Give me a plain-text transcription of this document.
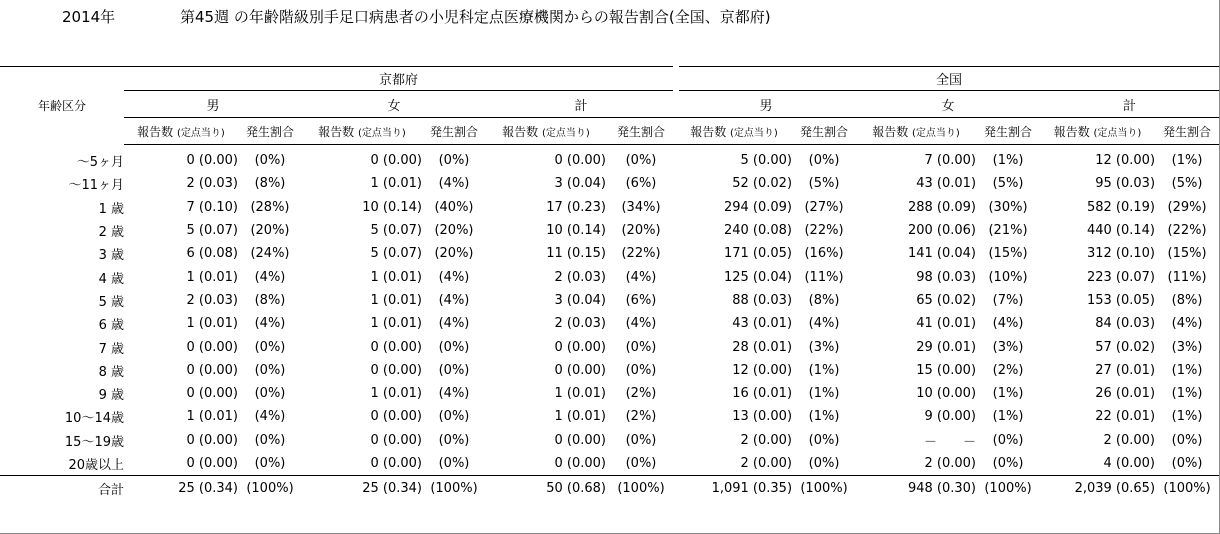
2014年	第45週 の年齢階級別手足口病患者の小児科定点医療機関からの報告割合(全国、京都府)
年齢区分	京都府						全国					
	男		女		計		男		女		計	
	報告数 (定点当り)	発生割合	報告数 (定点当り)	発生割合	報告数 (定点当り)	発生割合	報告数 (定点当り)	発生割合	報告数 (定点当り)	発生割合	報告数 (定点当り)	発生割合
～5ヶ月	0 (0.00)	(0%)	0 (0.00)	(0%)	0 (0.00)	(0%)	5 (0.00)	(0%)	7 (0.00)	(1%)	12 (0.00)	(1%)
～11ヶ月	2 (0.03)	(8%)	1 (0.01)	(4%)	3 (0.04)	(6%)	52 (0.02)	(5%)	43 (0.01)	(5%)	95 (0.03)	(5%)
1 歳	7 (0.10)	(28%)	10 (0.14)	(40%)	17 (0.23)	(34%)	294 (0.09)	(27%)	288 (0.09)	(30%)	582 (0.19)	(29%)
2 歳	5 (0.07)	(20%)	5 (0.07)	(20%)	10 (0.14)	(20%)	240 (0.08)	(22%)	200 (0.06)	(21%)	440 (0.14)	(22%)
3 歳	6 (0.08)	(24%)	5 (0.07)	(20%)	11 (0.15)	(22%)	171 (0.05)	(16%)	141 (0.04)	(15%)	312 (0.10)	(15%)
4 歳	1 (0.01)	(4%)	1 (0.01)	(4%)	2 (0.03)	(4%)	125 (0.04)	(11%)	98 (0.03)	(10%)	223 (0.07)	(11%)
5 歳	2 (0.03)	(8%)	1 (0.01)	(4%)	3 (0.04)	(6%)	88 (0.03)	(8%)	65 (0.02)	(7%)	153 (0.05)	(8%)
6 歳	1 (0.01)	(4%)	1 (0.01)	(4%)	2 (0.03)	(4%)	43 (0.01)	(4%)	41 (0.01)	(4%)	84 (0.03)	(4%)
7 歳	0 (0.00)	(0%)	0 (0.00)	(0%)	0 (0.00)	(0%)	28 (0.01)	(3%)	29 (0.01)	(3%)	57 (0.02)	(3%)
8 歳	0 (0.00)	(0%)	0 (0.00)	(0%)	0 (0.00)	(0%)	12 (0.00)	(1%)	15 (0.00)	(2%)	27 (0.01)	(1%)
9 歳	0 (0.00)	(0%)	1 (0.01)	(4%)	1 (0.01)	(2%)	16 (0.01)	(1%)	10 (0.00)	(1%)	26 (0.01)	(1%)
10～14歳	1 (0.01)	(4%)	0 (0.00)	(0%)	1 (0.01)	(2%)	13 (0.00)	(1%)	9 (0.00)	(1%)	22 (0.01)	(1%)
15～19歳	0 (0.00)	(0%)	0 (0.00)	(0%)	0 (0.00)	(0%)	2 (0.00)	(0%)	－　　－	(0%)	2 (0.00)	(0%)
20歳以上	0 (0.00)	(0%)	0 (0.00)	(0%)	0 (0.00)	(0%)	2 (0.00)	(0%)	2 (0.00)	(0%)	4 (0.00)	(0%)
合計	25 (0.34)	(100%)	25 (0.34)	(100%)	50 (0.68)	(100%)	1,091 (0.35)	(100%)	948 (0.30)	(100%)	2,039 (0.65)	(100%)
